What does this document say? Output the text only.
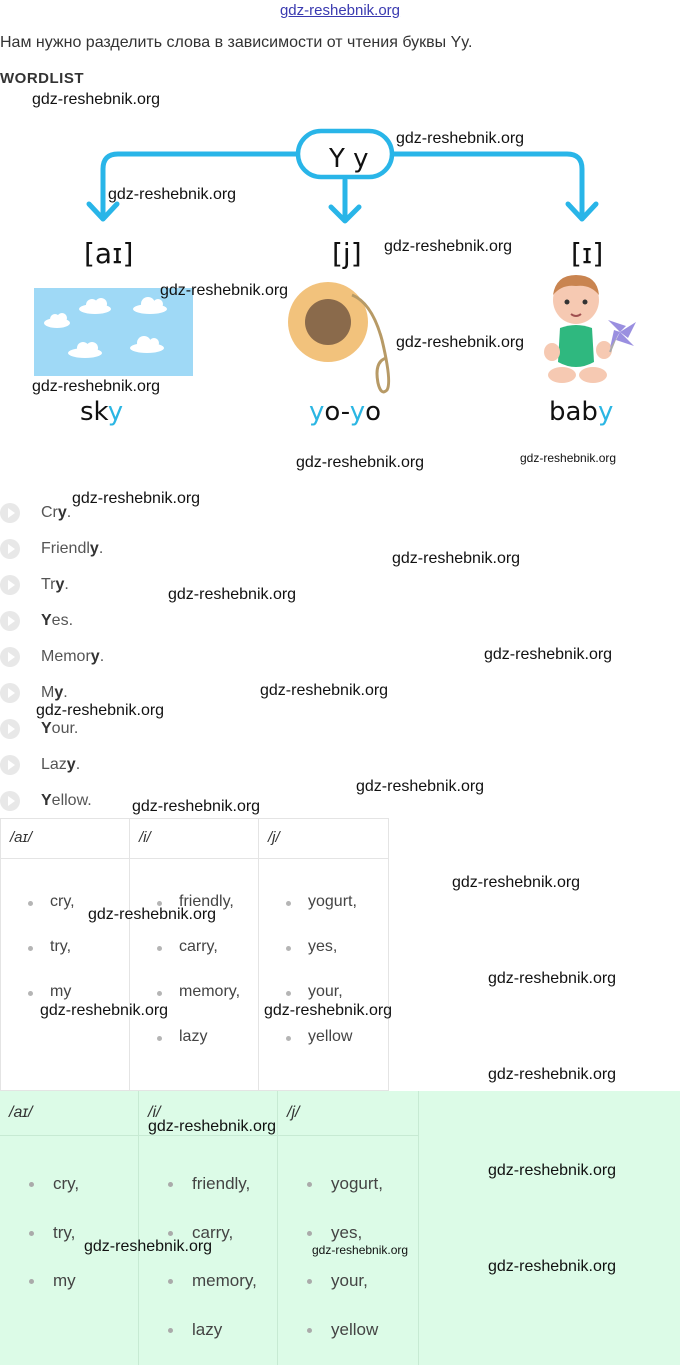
gdz-reshebnik.org
Нам нужно разделить слова в зависимости от чтения буквы Yy.
WORDLIST
Y y
[aɪ]	[j]	[ɪ]
sky	yo-yo	baby
Cry.
Friendly.
Try.
Yes.
Memory.
My.
Your.
Lazy.
Yellow.
/aɪ/
cry,
try,
my
/i/
friendly,
carry,
memory,
lazy
/j/
yogurt,
yes,
your,
yellow
/aɪ/
cry,
try,
my
/i/
friendly,
carry,
memory,
lazy
/j/
yogurt,
yes,
your,
yellow
gdz-reshebnik.org
gdz-reshebnik.org
gdz-reshebnik.org
gdz-reshebnik.org
gdz-reshebnik.org
gdz-reshebnik.org
gdz-reshebnik.org
gdz-reshebnik.org	gdz-reshebnik.org
gdz-reshebnik.org
gdz-reshebnik.org
gdz-reshebnik.org
gdz-reshebnik.org
gdz-reshebnik.org
gdz-reshebnik.org
gdz-reshebnik.org
gdz-reshebnik.org
gdz-reshebnik.org
gdz-reshebnik.org
gdz-reshebnik.org
gdz-reshebnik.org	gdz-reshebnik.org
gdz-reshebnik.org
gdz-reshebnik.org
gdz-reshebnik.org
gdz-reshebnik.org	gdz-reshebnik.org
gdz-reshebnik.org
